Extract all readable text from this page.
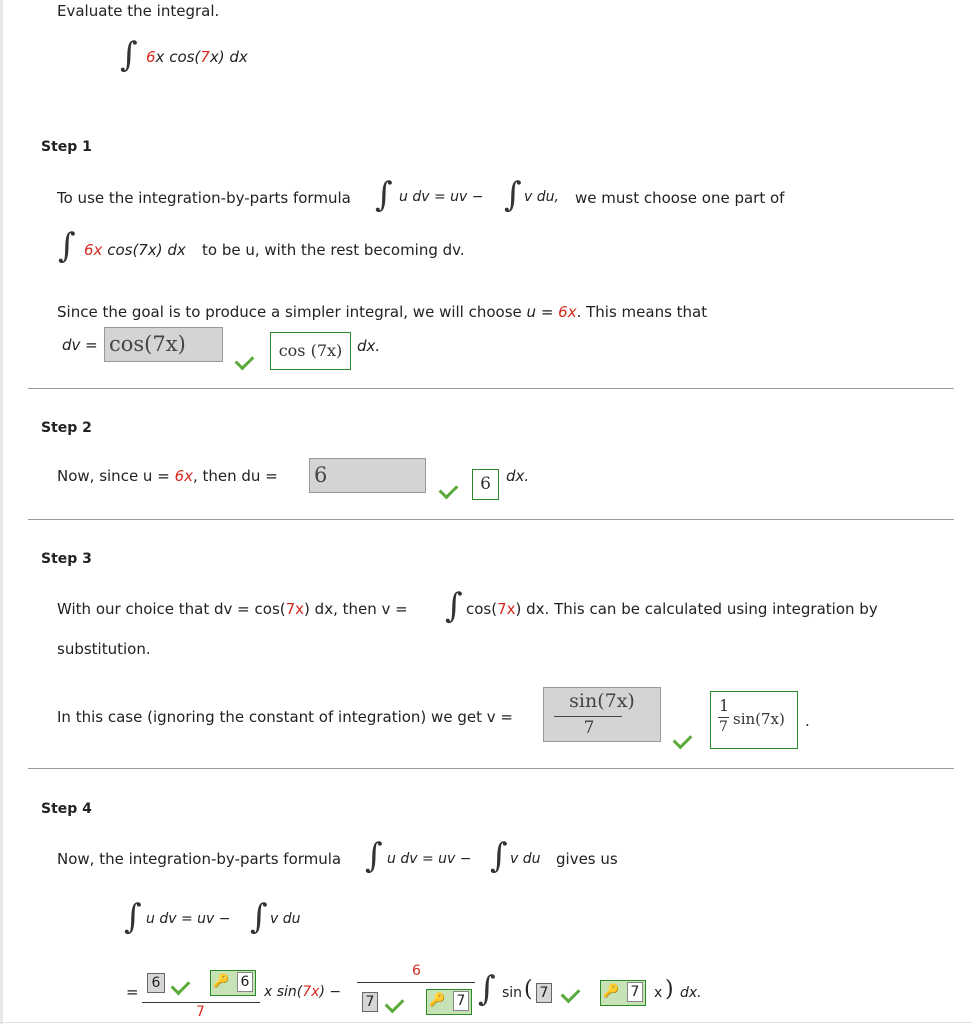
Evaluate the integral.
∫ 6x cos(7x) dx
Step 1
To use the integration-by-parts formula ∫ u dv = uv − ∫ v du, we must choose one part of
∫ 6x cos(7x) dx to be u, with the rest becoming dv.
Since the goal is to produce a simpler integral, we will choose u = 6x. This means that
dv = cos(7x)	cos (7x) dx.
Step 2
Now, since u = 6x, then du = 6	6	dx.
Step 3
With our choice that dv = cos(7x) dx, then v = ∫ cos(7x) dx. This can be calculated using integration by
substitution.
In this case (ignoring the constant of integration) we get v =
sin(7x)
7
1
7 sin(7x) .
Step 4
Now, the integration-by-parts formula ∫ u dv = uv − ∫ v du gives us
∫ u dv = uv − ∫ v du
= 6	🔑 6
7
x sin(7x) −
6
7	🔑 7 ∫ sin ( 7	🔑 7 x ) dx.
